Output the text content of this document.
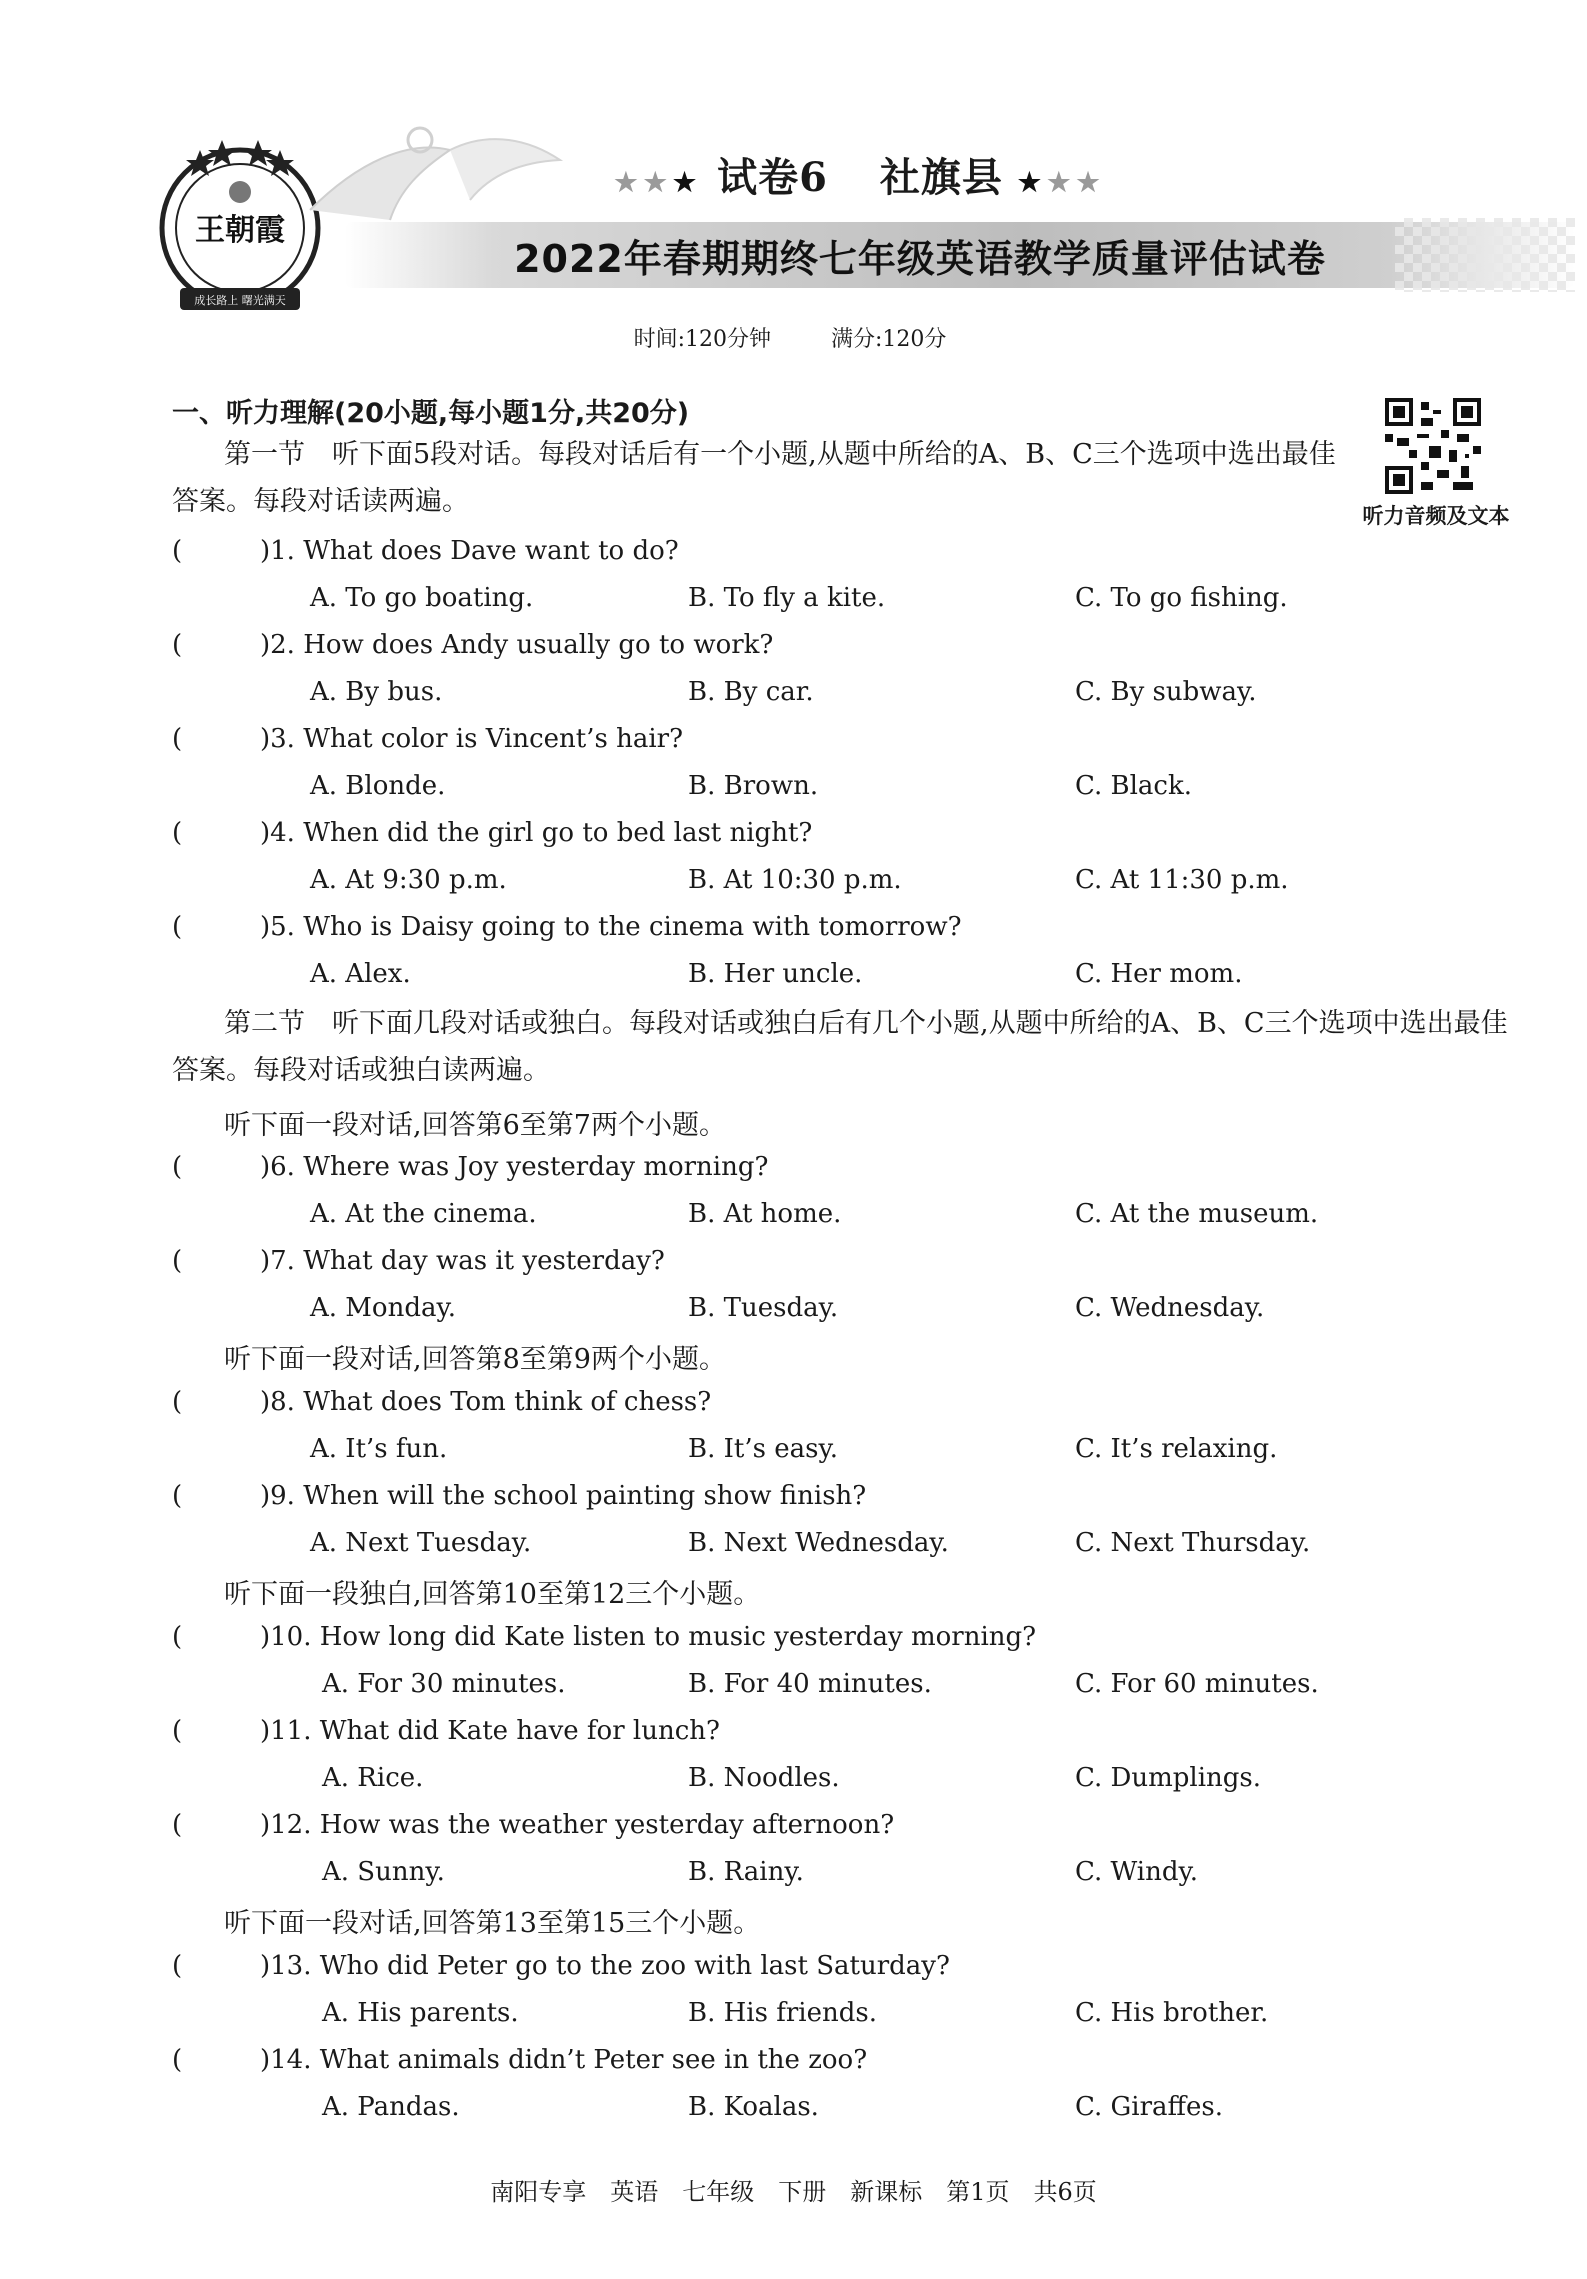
王朝霞
成长路上 曙光满天
★★★ 试卷6 社旗县 ★★★
2022年春期期终七年级英语教学质量评估试卷
时间:120分钟	满分:120分
听力音频及文本
一、听力理解(20小题,每小题1分,共20分)
第一节　听下面5段对话。每段对话后有一个小题,从题中所给的A、B、C三个选项中选出最佳答案。每段对话读两遍。
(	)1. What does Dave want to do?
A. To go boating.	B. To fly a kite.	C. To go fishing.
(	)2. How does Andy usually go to work?
A. By bus.	B. By car.	C. By subway.
(	)3. What color is Vincent’s hair?
A. Blonde.	B. Brown.	C. Black.
(	)4. When did the girl go to bed last night?
A. At 9:30 p.m.	B. At 10:30 p.m.	C. At 11:30 p.m.
(	)5. Who is Daisy going to the cinema with tomorrow?
A. Alex.	B. Her uncle.	C. Her mom.
第二节　听下面几段对话或独白。每段对话或独白后有几个小题,从题中所给的A、B、C三个选项中选出最佳答案。每段对话或独白读两遍。
听下面一段对话,回答第6至第7两个小题。
(	)6. Where was Joy yesterday morning?
A. At the cinema.	B. At home.	C. At the museum.
(	)7. What day was it yesterday?
A. Monday.	B. Tuesday.	C. Wednesday.
听下面一段对话,回答第8至第9两个小题。
(	)8. What does Tom think of chess?
A. It’s fun.	B. It’s easy.	C. It’s relaxing.
(	)9. When will the school painting show finish?
A. Next Tuesday.	B. Next Wednesday.	C. Next Thursday.
听下面一段独白,回答第10至第12三个小题。
(	)10. How long did Kate listen to music yesterday morning?
A. For 30 minutes.	B. For 40 minutes.	C. For 60 minutes.
(	)11. What did Kate have for lunch?
A. Rice.	B. Noodles.	C. Dumplings.
(	)12. How was the weather yesterday afternoon?
A. Sunny.	B. Rainy.	C. Windy.
听下面一段对话,回答第13至第15三个小题。
(	)13. Who did Peter go to the zoo with last Saturday?
A. His parents.	B. His friends.	C. His brother.
(	)14. What animals didn’t Peter see in the zoo?
A. Pandas.	B. Koalas.	C. Giraffes.
南阳专享　英语　七年级　下册　新课标　第1页　共6页
